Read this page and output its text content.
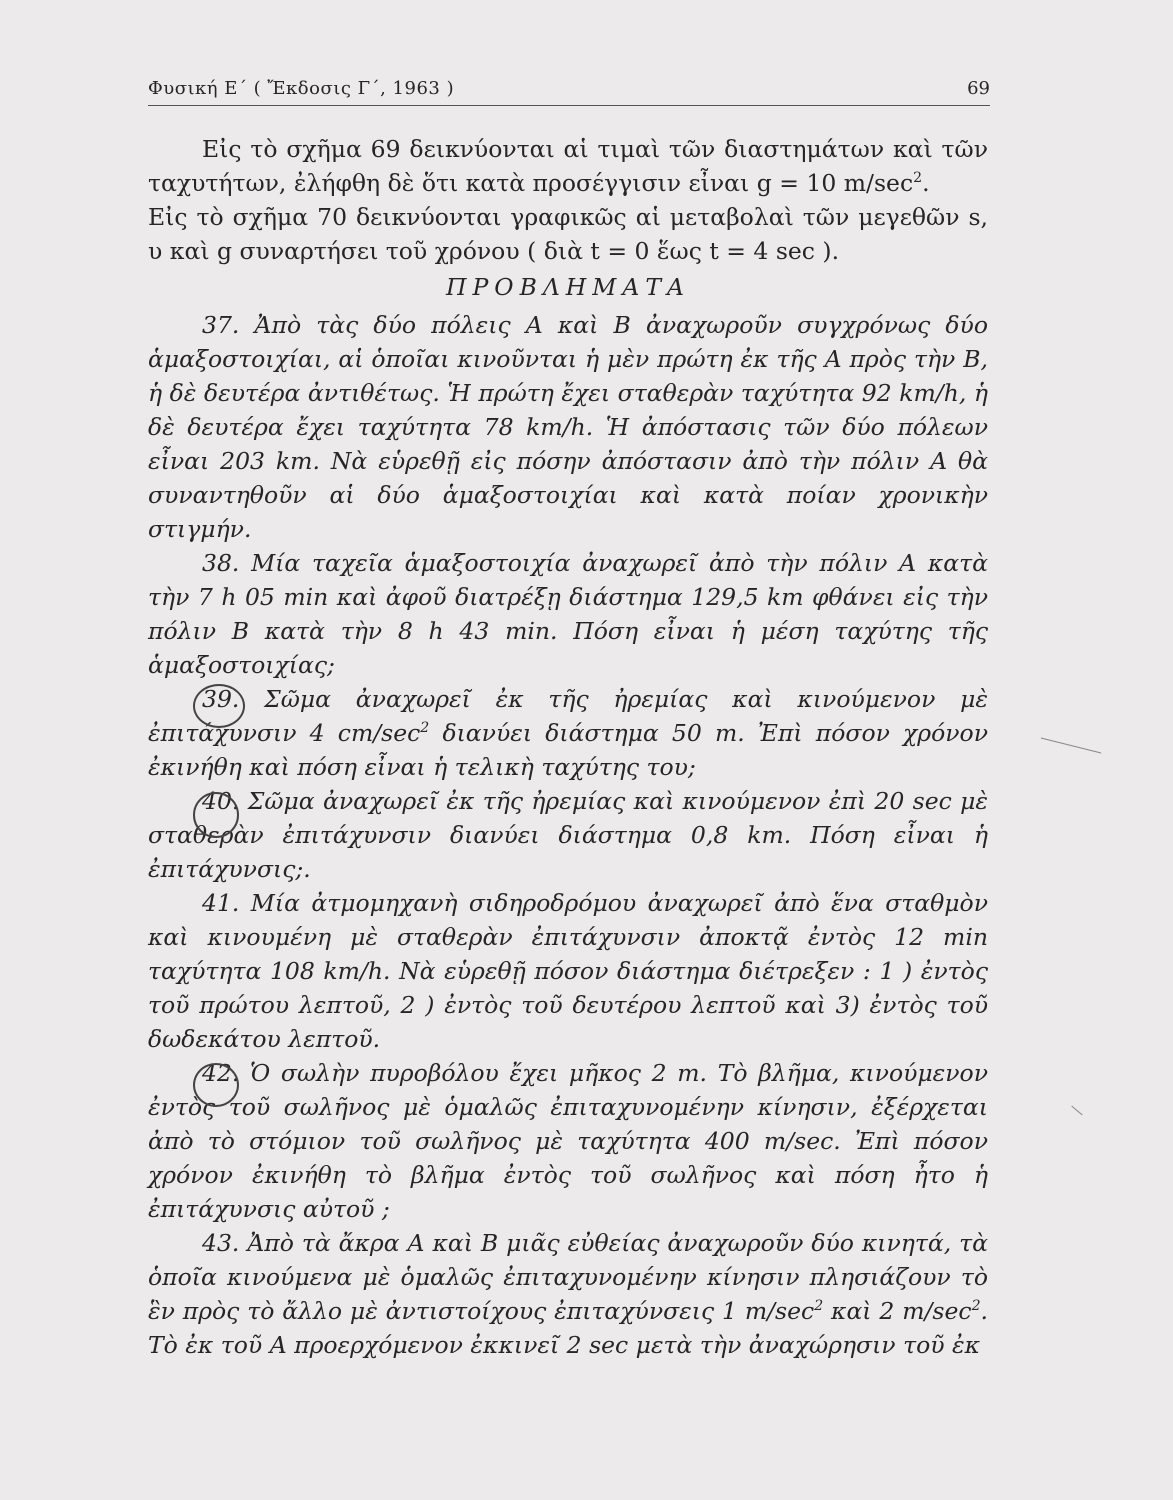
Φυσική Ε΄ ( Ἔκδοσις Γ΄, 1963 )	69

Εἰς τὸ σχῆμα 69 δεικνύονται αἱ τιμαὶ τῶν διαστημάτων καὶ τῶν ταχυτήτων, ἐλήφθη δὲ ὅτι κατὰ προσέγγισιν εἶναι g = 10 $m/\sec^2$.

Εἰς τὸ σχῆμα 70 δεικνύονται γραφικῶς αἱ μεταβολαὶ τῶν μεγεθῶν s, υ καὶ g συναρτήσει τοῦ χρόνου ( διὰ t = 0 ἕως t = 4 sec ).

ΠΡΟΒΛΗΜΑΤΑ

37. Ἀπὸ τὰς δύο πόλεις Α καὶ Β ἀναχωροῦν συγχρόνως δύο ἁμαξοστοιχίαι, αἱ ὁποῖαι κινοῦνται ἡ μὲν πρώτη ἐκ τῆς Α πρὸς τὴν Β, ἡ δὲ δευτέρα ἀντιθέτως. Ἡ πρώτη ἔχει σταθερὰν ταχύτητα 92 km/h, ἡ δὲ δευτέρα ἔχει ταχύτητα 78 km/h. Ἡ ἀπόστασις τῶν δύο πόλεων εἶναι 203 km. Νὰ εὑρεθῇ εἰς πόσην ἀπόστασιν ἀπὸ τὴν πόλιν Α θὰ συναντηθοῦν αἱ δύο ἁμαξοστοιχίαι καὶ κατὰ ποίαν χρονικὴν στιγμήν.

38. Μία ταχεῖα ἁμαξοστοιχία ἀναχωρεῖ ἀπὸ τὴν πόλιν Α κατὰ τὴν 7 h 05 min καὶ ἀφοῦ διατρέξῃ διάστημα 129,5 km φθάνει εἰς τὴν πόλιν Β κατὰ τὴν 8 h 43 min. Πόση εἶναι ἡ μέση ταχύτης τῆς ἁμαξοστοιχίας;

39. Σῶμα ἀναχωρεῖ ἐκ τῆς ἠρεμίας καὶ κινούμενον μὲ ἐπιτάχυνσιν 4 $cm/\sec^2$ διανύει διάστημα 50 m. Ἐπὶ πόσον χρόνον ἐκινήθη καὶ πόση εἶναι ἡ τελικὴ ταχύτης του;

40. Σῶμα ἀναχωρεῖ ἐκ τῆς ἠρεμίας καὶ κινούμενον ἐπὶ 20 sec μὲ σταθερὰν ἐπιτάχυνσιν διανύει διάστημα 0,8 km. Πόση εἶναι ἡ ἐπιτάχυνσις;.

41. Μία ἀτμομηχανὴ σιδηροδρόμου ἀναχωρεῖ ἀπὸ ἕνα σταθμὸν καὶ κινουμένη μὲ σταθερὰν ἐπιτάχυνσιν ἀποκτᾷ ἐντὸς 12 min ταχύτητα 108 km/h. Νὰ εὑρεθῇ πόσον διάστημα διέτρεξεν : 1 ) ἐντὸς τοῦ πρώτου λεπτοῦ, 2 ) ἐντὸς τοῦ δευτέρου λεπτοῦ καὶ 3) ἐντὸς τοῦ δωδεκάτου λεπτοῦ.

42. Ὁ σωλὴν πυροβόλου ἔχει μῆκος 2 m. Τὸ βλῆμα, κινούμενον ἐντὸς τοῦ σωλῆνος μὲ ὁμαλῶς ἐπιταχυνομένην κίνησιν, ἐξέρχεται ἀπὸ τὸ στόμιον τοῦ σωλῆνος μὲ ταχύτητα 400 m/sec. Ἐπὶ πόσον χρόνον ἐκινήθη τὸ βλῆμα ἐντὸς τοῦ σωλῆνος καὶ πόση ἦτο ἡ ἐπιτάχυνσις αὐτοῦ ;

43. Ἀπὸ τὰ ἄκρα Α καὶ Β μιᾶς εὐθείας ἀναχωροῦν δύο κινητά, τὰ ὁποῖα κινούμενα μὲ ὁμαλῶς ἐπιταχυνομένην κίνησιν πλησιάζουν τὸ ἓν πρὸς τὸ ἄλλο μὲ ἀντιστοίχους ἐπιταχύνσεις 1 $m/\sec^2$ καὶ 2 $m/\sec^2$. Τὸ ἐκ τοῦ Α προερχόμενον ἐκκινεῖ 2 sec μετὰ τὴν ἀναχώρησιν τοῦ ἐκ
